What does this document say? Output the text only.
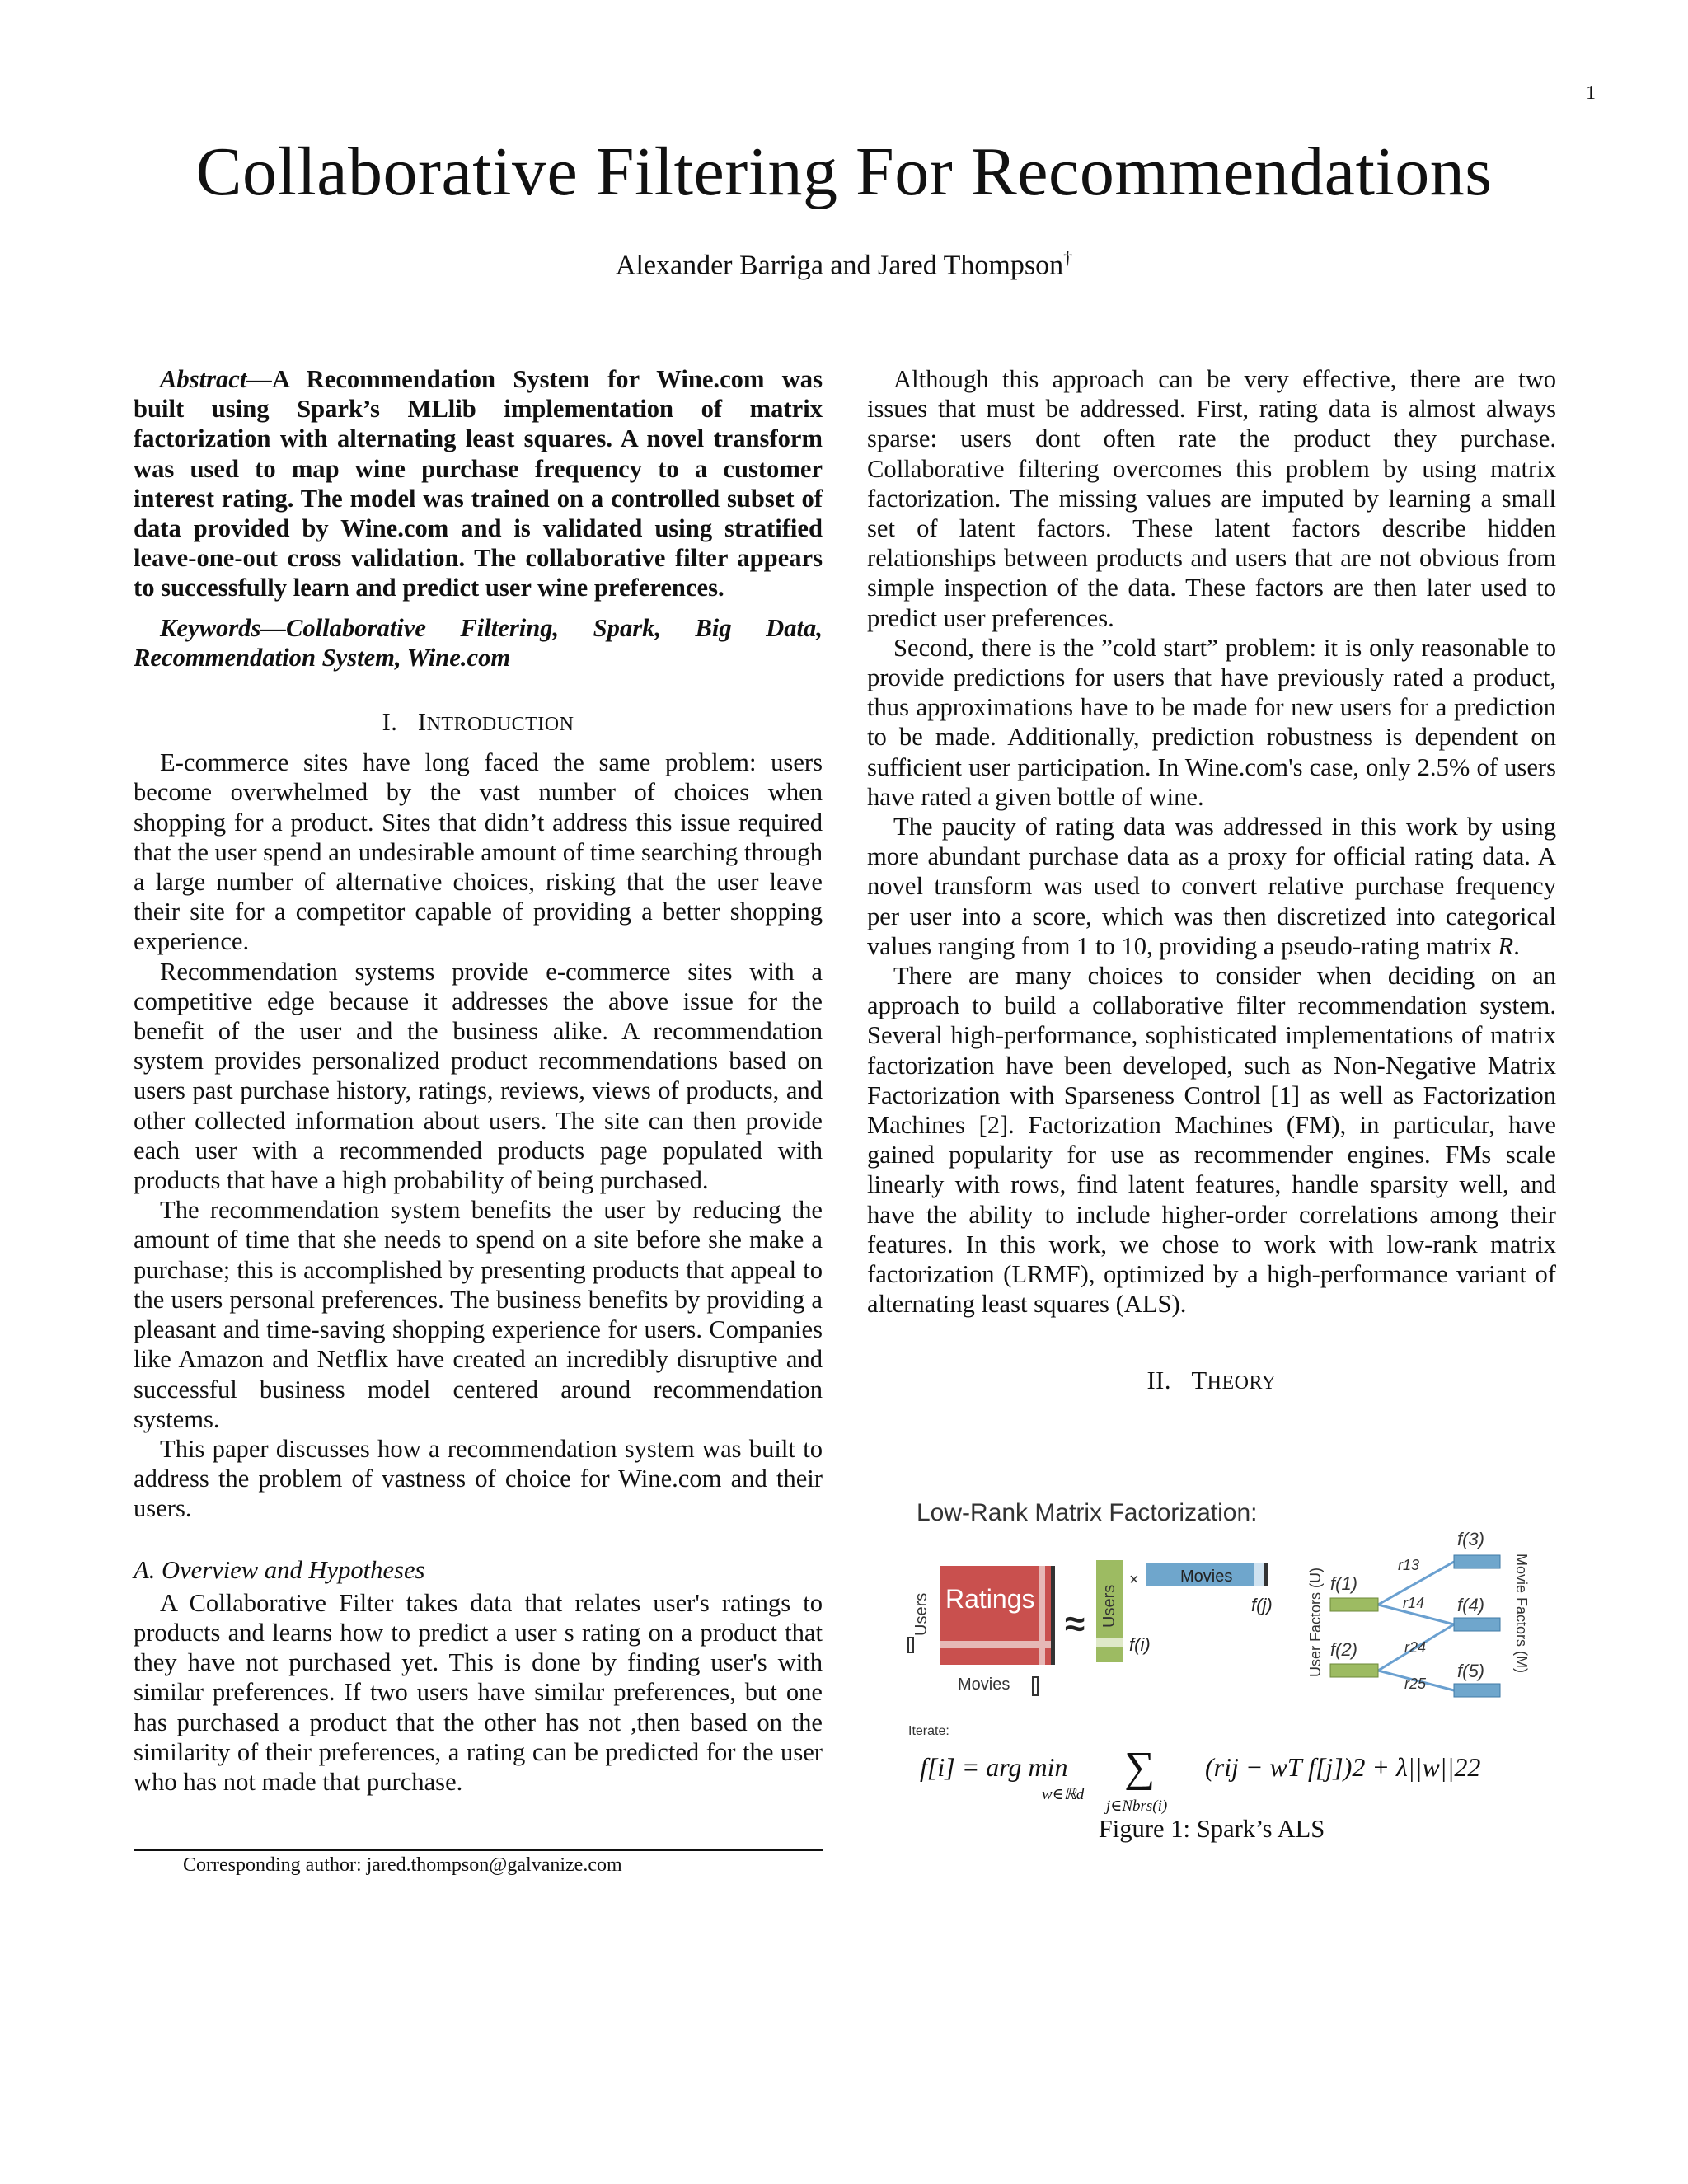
1
Collaborative Filtering For Recommendations
Alexander Barriga and Jared Thompson†

Abstract—A Recommendation System for Wine.com was built using Spark’s MLlib implementation of matrix factorization with alternating least squares. A novel transform was used to map wine purchase frequency to a customer interest rating. The model was trained on a controlled subset of data provided by Wine.com and is validated using stratified leave-one-out cross validation. The collaborative filter appears to successfully learn and predict user wine preferences.

Keywords—Collaborative Filtering, Spark, Big Data, Recommendation System, Wine.com

I. INTRODUCTION

E-commerce sites have long faced the same problem: users become overwhelmed by the vast number of choices when shopping for a product. Sites that didn’t address this issue required that the user spend an undesirable amount of time searching through a large number of alternative choices, risking that the user leave their site for a competitor capable of providing a better shopping experience.

Recommendation systems provide e-commerce sites with a competitive edge because it addresses the above issue for the benefit of the user and the business alike. A recommendation system provides personalized product recommendations based on users past purchase history, ratings, reviews, views of products, and other collected information about users. The site can then provide each user with a recommended products page populated with products that have a high probability of being purchased.

The recommendation system benefits the user by reducing the amount of time that she needs to spend on a site before she make a purchase; this is accomplished by presenting products that appeal to the users personal preferences. The business benefits by providing a pleasant and time-saving shopping experience for users. Companies like Amazon and Netflix have created an incredibly disruptive and successful business model centered around recommendation systems.

This paper discusses how a recommendation system was built to address the problem of vastness of choice for Wine.com and their users.

A. Overview and Hypotheses

A Collaborative Filter takes data that relates user's ratings to products and learns how to predict a user s rating on a product that they have not purchased yet. This is done by finding user's with similar preferences. If two users have similar preferences, but one has purchased a product that the other has not ,then based on the similarity of their preferences, a rating can be predicted for the user who has not made that purchase.

Corresponding author: jared.thompson@galvanize.com

Although this approach can be very effective, there are two issues that must be addressed. First, rating data is almost always sparse: users dont often rate the product they purchase. Collaborative filtering overcomes this problem by using matrix factorization. The missing values are imputed by learning a small set of latent factors. These latent factors describe hidden relationships between products and users that are not obvious from simple inspection of the data. These factors are then later used to predict user preferences.

Second, there is the ”cold start” problem: it is only reasonable to provide predictions for users that have previously rated a product, thus approximations have to be made for new users for a prediction to be made. Additionally, prediction robustness is dependent on sufficient user participation. In Wine.com's case, only 2.5% of users have rated a given bottle of wine.

The paucity of rating data was addressed in this work by using more abundant purchase data as a proxy for official rating data. A novel transform was used to convert relative purchase frequency per user into a score, which was then discretized into categorical values ranging from 1 to 10, providing a pseudo-rating matrix R.

There are many choices to consider when deciding on an approach to build a collaborative filter recommendation system. Several high-performance, sophisticated implementations of matrix factorization have been developed, such as Non-Negative Matrix Factorization with Sparseness Control [1] as well as Factorization Machines [2]. Factorization Machines (FM), in particular, have gained popularity for use as recommender engines. FMs scale linearly with rows, find latent features, handle sparsity well, and have the ability to include higher-order correlations among their features. In this work, we chose to work with low-rank matrix factorization (LRMF), optimized by a high-performance variant of alternating least squares (ALS).

II. THEORY

Low-Rank Matrix Factorization:
Ratings
Users
Movies
≈ Users
f(i)
×	Movies
f(j) User Factors (U)	Movie Factors (M)
f(1)
f(2)
f(3)
f(4)
f(5)
r13
r14
r24
r25
Iterate:
f[i] = arg min
w∈ℝd
∑
j∈Nbrs(i)
(rij − wT f[j])2 + λ||w||22
Figure 1: Spark’s ALS
